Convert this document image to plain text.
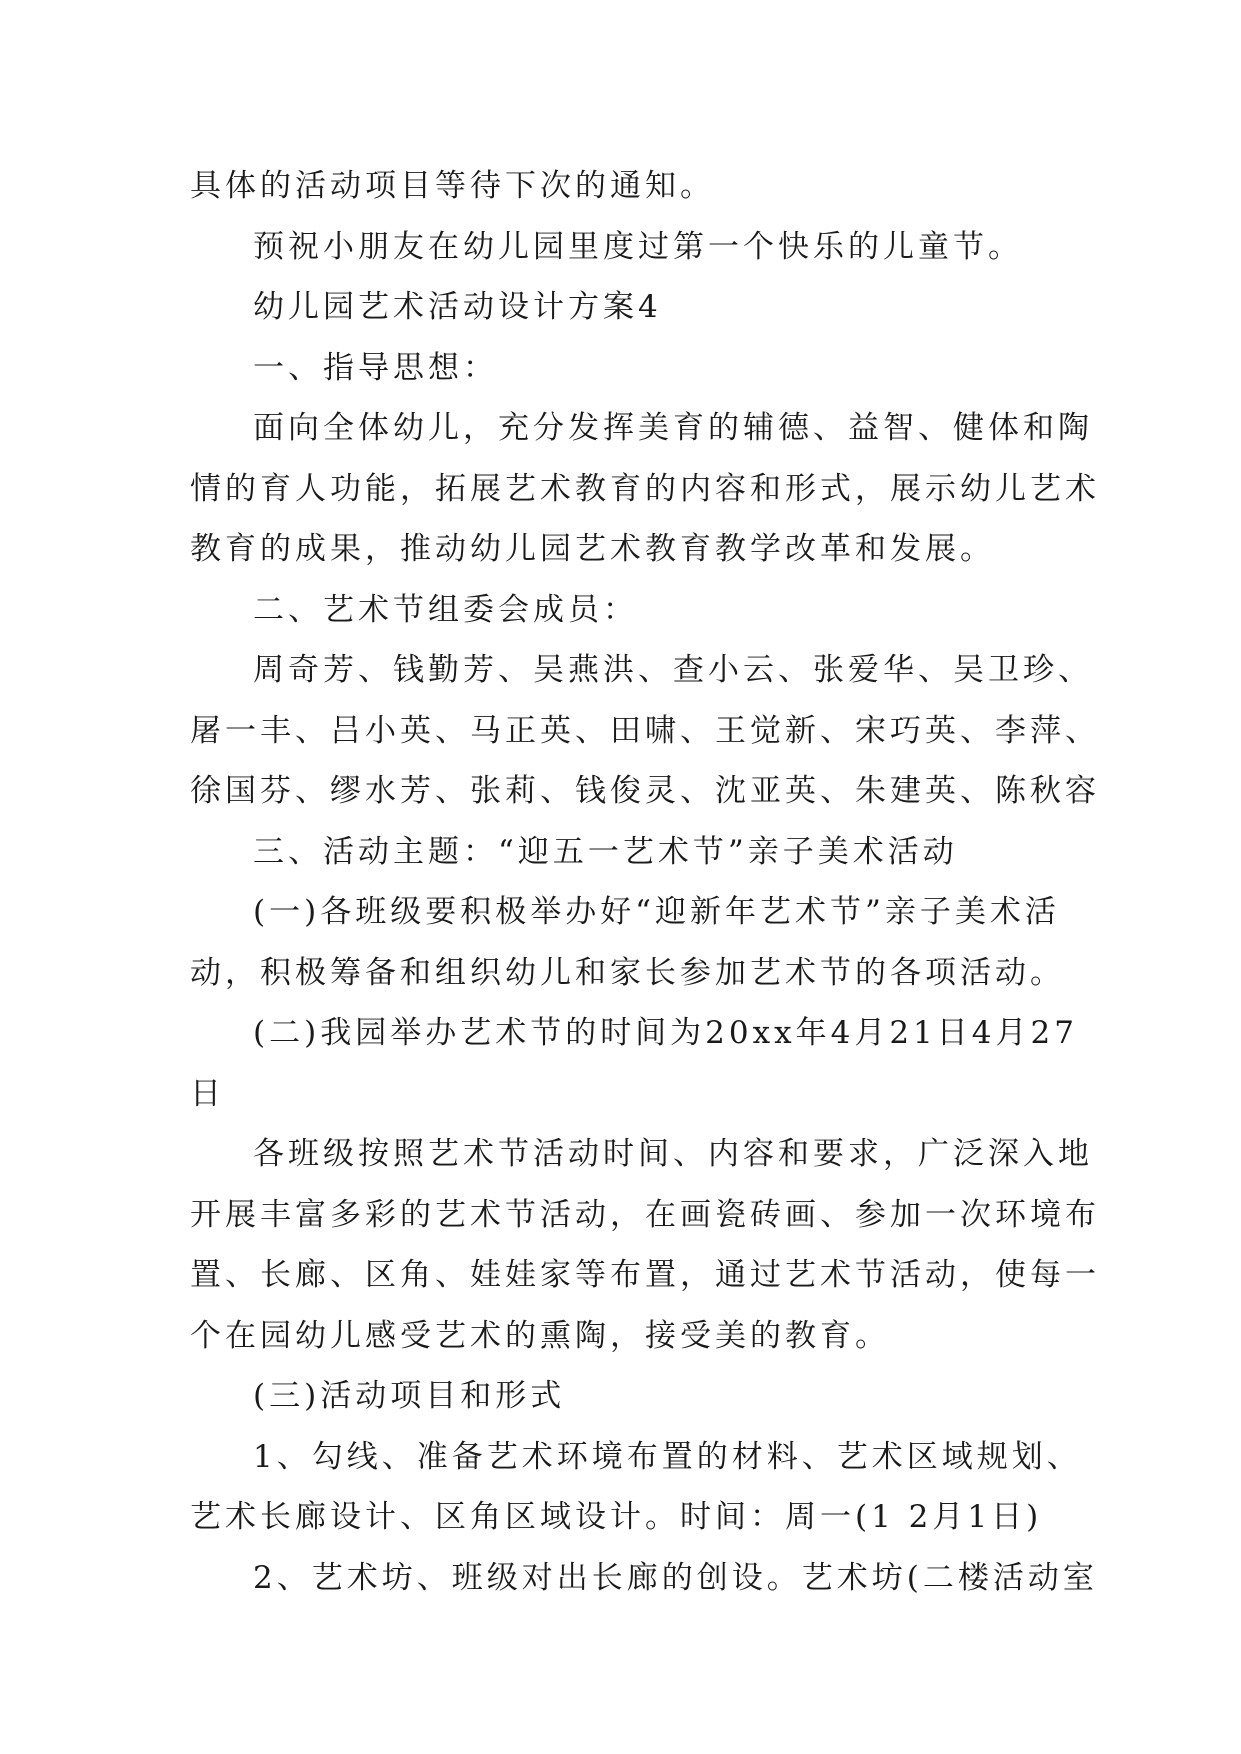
具体的活动项目等待下次的通知。
预祝小朋友在幼儿园里度过第一个快乐的儿童节。
幼儿园艺术活动设计方案4
一、指导思想：
面向全体幼儿，充分发挥美育的辅德、益智、健体和陶
情的育人功能，拓展艺术教育的内容和形式，展示幼儿艺术
教育的成果，推动幼儿园艺术教育教学改革和发展。
二、艺术节组委会成员：
周奇芳、钱勤芳、吴燕洪、查小云、张爱华、吴卫珍、
屠一丰、吕小英、马正英、田啸、王觉新、宋巧英、李萍、
徐国芬、缪水芳、张莉、钱俊灵、沈亚英、朱建英、陈秋容
三、活动主题：“迎五一艺术节”亲子美术活动
(一)各班级要积极举办好“迎新年艺术节”亲子美术活
动，积极筹备和组织幼儿和家长参加艺术节的各项活动。
(二)我园举办艺术节的时间为20xx年4月21日4月27
日
各班级按照艺术节活动时间、内容和要求，广泛深入地
开展丰富多彩的艺术节活动，在画瓷砖画、参加一次环境布
置、长廊、区角、娃娃家等布置，通过艺术节活动，使每一
个在园幼儿感受艺术的熏陶，接受美的教育。
(三)活动项目和形式
1、勾线、准备艺术环境布置的材料、艺术区域规划、
艺术长廊设计、区角区域设计。时间：周一(1 2月1日)
2、艺术坊、班级对出长廊的创设。艺术坊(二楼活动室
